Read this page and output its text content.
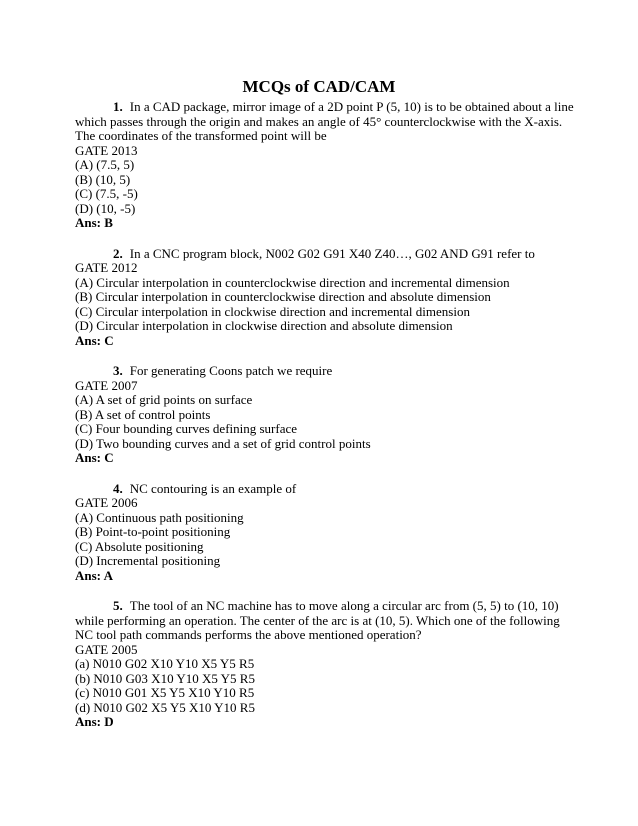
MCQs of CAD/CAM

1. In a CAD package, mirror image of a 2D point P (5, 10) is to be obtained about a line which passes through the origin and makes an angle of 45° counterclockwise with the X-axis. The coordinates of the transformed point will be

GATE 2013

(A) (7.5, 5)

(B) (10, 5)

(C) (7.5, -5)

(D) (10, -5)

Ans: B

2. In a CNC program block, N002 G02 G91 X40 Z40…, G02 AND G91 refer to

GATE 2012

(A) Circular interpolation in counterclockwise direction and incremental dimension

(B) Circular interpolation in counterclockwise direction and absolute dimension

(C) Circular interpolation in clockwise direction and incremental dimension

(D) Circular interpolation in clockwise direction and absolute dimension

Ans: C

3. For generating Coons patch we require

GATE 2007

(A) A set of grid points on surface

(B) A set of control points

(C) Four bounding curves defining surface

(D) Two bounding curves and a set of grid control points

Ans: C

4. NC contouring is an example of

GATE 2006

(A) Continuous path positioning

(B) Point-to-point positioning

(C) Absolute positioning

(D) Incremental positioning

Ans: A

5. The tool of an NC machine has to move along a circular arc from (5, 5) to (10, 10) while performing an operation. The center of the arc is at (10, 5). Which one of the following NC tool path commands performs the above mentioned operation?

GATE 2005

(a) N010 G02 X10 Y10 X5 Y5 R5

(b) N010 G03 X10 Y10 X5 Y5 R5

(c) N010 G01 X5 Y5 X10 Y10 R5

(d) N010 G02 X5 Y5 X10 Y10 R5

Ans: D
